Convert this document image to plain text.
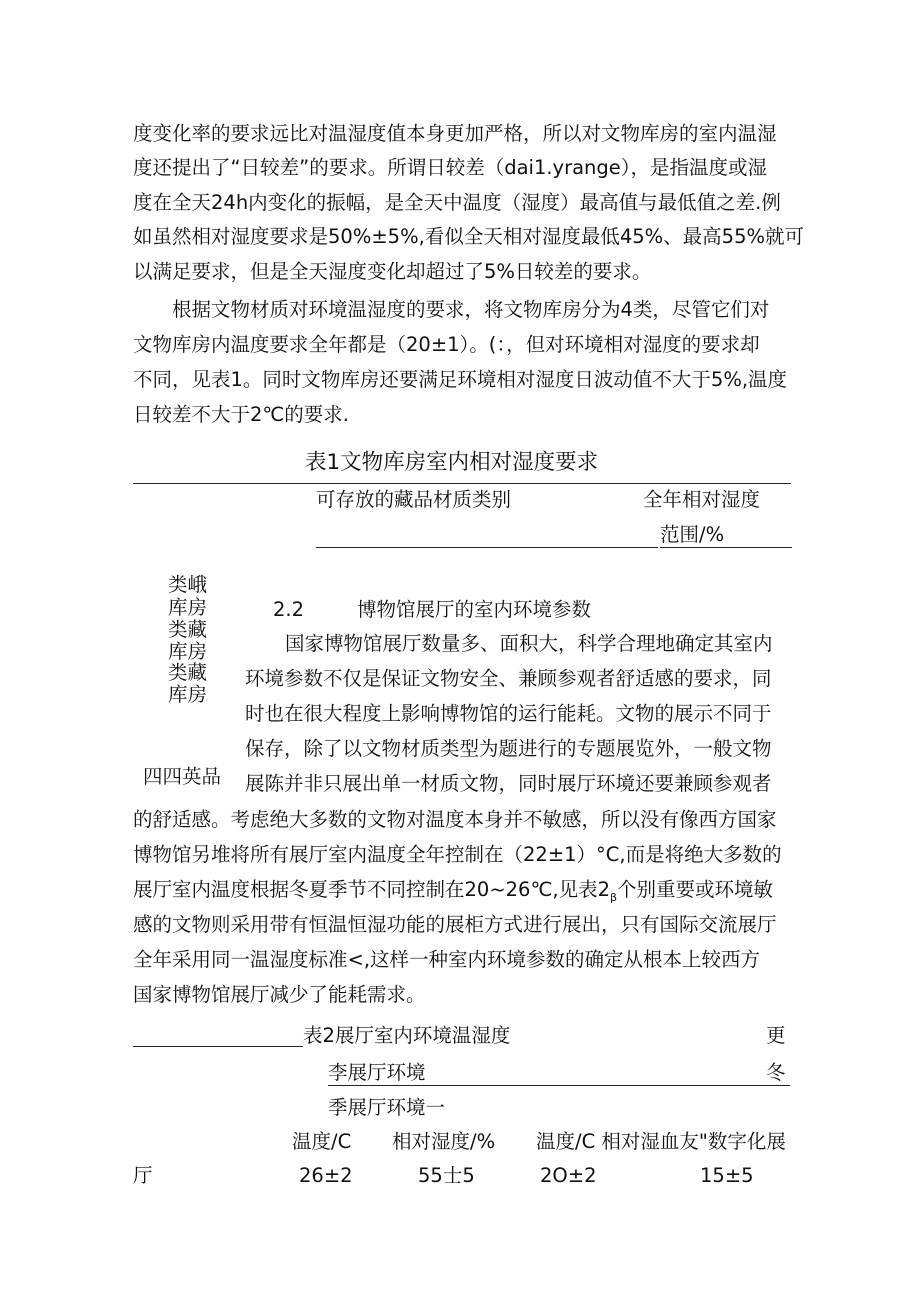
度变化率的要求远比对温湿度值本身更加严格，所以对文物库房的室内温湿
度还提出了“日较差”的要求。所谓日较差（dai1.yrange），是指温度或湿
度在全天24h内变化的振幅，是全天中温度（湿度）最高值与最低值之差.例
如虽然相对湿度要求是50%±5%,看似全天相对湿度最低45%、最高55%就可
以满足要求，但是全天湿度变化却超过了5%日较差的要求。
根据文物材质对环境温湿度的要求，将文物库房分为4类，尽管它们对
文物库房内温度要求全年都是（20±1）。(：，但对环境相对湿度的要求却
不同，见表1。同时文物库房还要满足环境相对湿度日波动值不大于5%,温度
日较差不大于2℃的要求.
表1文物库房室内相对湿度要求
可存放的藏品材质类别	全年相对湿度
范围/%
类峨
库房
类藏
库房
类藏
库房
四四英品
2.2	博物馆展厅的室内环境参数
国家博物馆展厅数量多、面积大，科学合理地确定其室内
环境参数不仅是保证文物安全、兼顾参观者舒适感的要求，同
时也在很大程度上影响博物馆的运行能耗。文物的展示不同于
保存，除了以文物材质类型为题进行的专题展览外，一般文物
展陈并非只展出单一材质文物，同时展厅环境还要兼顾参观者
的舒适感。考虑绝大多数的文物对温度本身并不敏感，所以没有像西方国家
博物馆另堆将所有展厅室内温度全年控制在（22±1）°C,而是将绝大多数的
展厅室内温度根据冬夏季节不同控制在20~26℃,见表$2_\beta$个别重要或环境敏
感的文物则采用带有恒温恒湿功能的展柜方式进行展出，只有国际交流展厅
全年采用同一温湿度标准<,这样一种室内环境参数的确定从根本上较西方
国家博物馆展厅减少了能耗需求。
表2展厅室内环境温湿度	更
李展厅环境	冬
季展厅环境一
温度/C 相对湿度/% 温度/C 相对湿血友"数字化展
厅	26±2	55士5	2O±2	15±5
